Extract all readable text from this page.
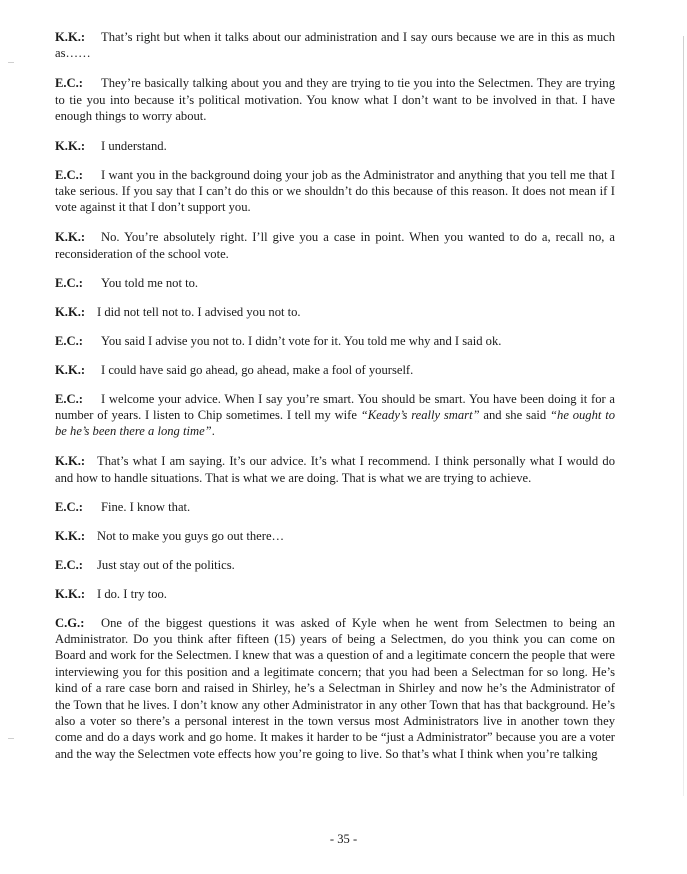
K.K.: That’s right but when it talks about our administration and I say ours because we are in this as much as……

E.C.: They’re basically talking about you and they are trying to tie you into the Selectmen. They are trying to tie you into because it’s political motivation. You know what I don’t want to be involved in that. I have enough things to worry about.

K.K.: I understand.

E.C.: I want you in the background doing your job as the Administrator and anything that you tell me that I take serious. If you say that I can’t do this or we shouldn’t do this because of this reason. It does not mean if I vote against it that I don’t support you.

K.K.: No. You’re absolutely right. I’ll give you a case in point. When you wanted to do a, recall no, a reconsideration of the school vote.

E.C.: You told me not to.

K.K.: I did not tell not to. I advised you not to.

E.C.: You said I advise you not to. I didn’t vote for it. You told me why and I said ok.

K.K.: I could have said go ahead, go ahead, make a fool of yourself.

E.C.: I welcome your advice. When I say you’re smart. You should be smart. You have been doing it for a number of years. I listen to Chip sometimes. I tell my wife “Keady’s really smart” and she said “he ought to be he’s been there a long time”.

K.K.: That’s what I am saying. It’s our advice. It’s what I recommend. I think personally what I would do and how to handle situations. That is what we are doing. That is what we are trying to achieve.

E.C.: Fine. I know that.

K.K.: Not to make you guys go out there…

E.C.: Just stay out of the politics.

K.K.: I do. I try too.

C.G.: One of the biggest questions it was asked of Kyle when he went from Selectmen to being an Administrator. Do you think after fifteen (15) years of being a Selectmen, do you think you can come on Board and work for the Selectmen. I knew that was a question of and a legitimate concern the people that were interviewing you for this position and a legitimate concern; that you had been a Selectman for so long. He’s kind of a rare case born and raised in Shirley, he’s a Selectman in Shirley and now he’s the Administrator of the Town that he lives. I don’t know any other Administrator in any other Town that has that background. He’s also a voter so there’s a personal interest in the town versus most Administrators live in another town they come and do a days work and go home. It makes it harder to be “just a Administrator” because you are a voter and the way the Selectmen vote effects how you’re going to live. So that’s what I think when you’re talking

- 35 -
